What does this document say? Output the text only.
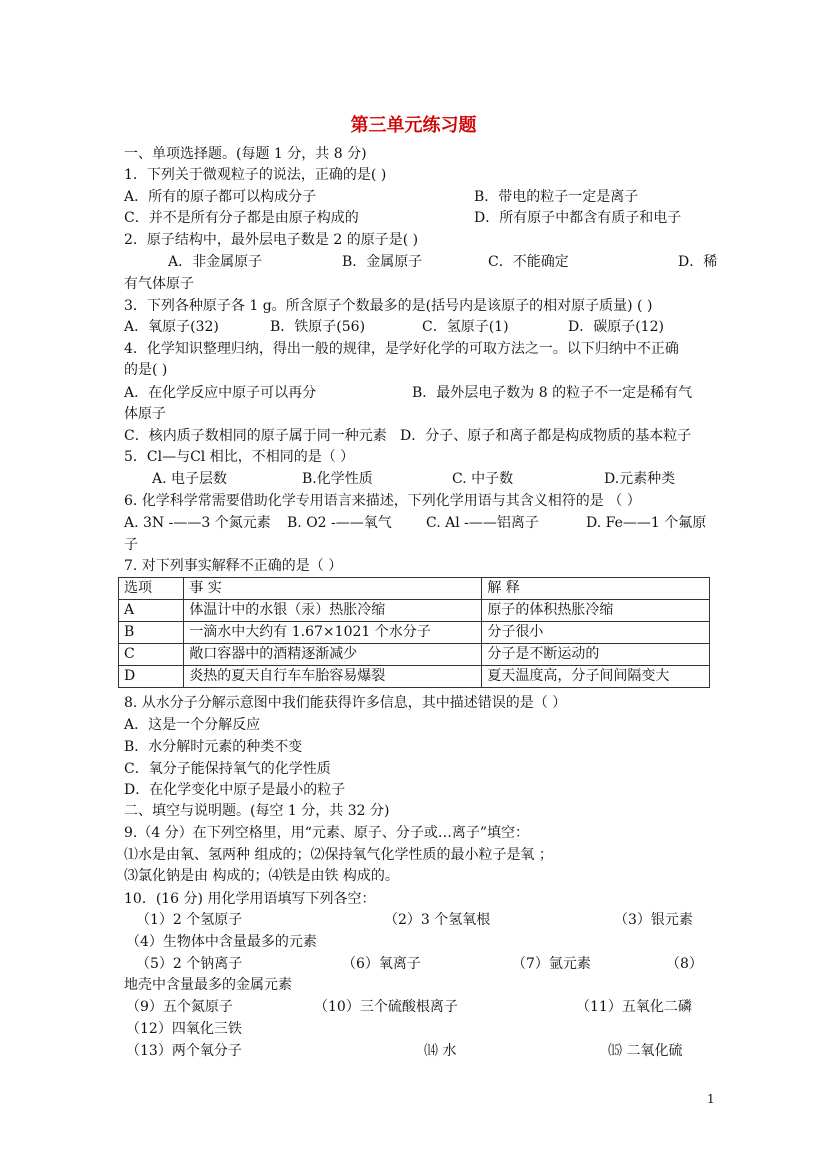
第三单元练习题
一、单项选择题。(每题 1 分，共 8 分)
1．下列关于微观粒子的说法，正确的是( )
A．所有的原子都可以构成分子	B．带电的粒子一定是离子
C．并不是所有分子都是由原子构成的	D．所有原子中都含有质子和电子
2．原子结构中，最外层电子数是 2 的原子是( )
A．非金属原子	B．金属原子	C．不能确定	D．稀
有气体原子
3．下列各种原子各 1 g。所含原子个数最多的是(括号内是该原子的相对原子质量) ( )
A．氧原子(32)	B．铁原子(56)	C．氢原子(1)	D．碳原子(12)
4．化学知识整理归纳，得出一般的规律，是学好化学的可取方法之一。以下归纳中不正确
的是( )
A．在化学反应中原子可以再分	B．最外层电子数为 8 的粒子不一定是稀有气
体原子
C．核内质子数相同的原子属于同一种元素 D．分子、原子和离子都是构成物质的基本粒子
5．Cl—与Cl 相比，不相同的是（ ）
A. 电子层数	B.化学性质	C. 中子数	D.元素种类
6. 化学科学常需要借助化学专用语言来描述，下列化学用语与其含义相符的是 （ ）
A. 3N -——3 个氮元素 B. O2 -——氧气 C. Al -——铝离子	D. Fe——1 个氟原
子
7. 对下列事实解释不正确的是（ ）
选项	事 实	解 释
A	体温计中的水银（汞）热胀冷缩	原子的体积热胀冷缩
B	一滴水中大约有 1.67×1021 个水分子	分子很小
C	敞口容器中的酒精逐渐减少	分子是不断运动的
D	炎热的夏天自行车车胎容易爆裂	夏天温度高，分子间间隔变大
8. 从水分子分解示意图中我们能获得许多信息，其中描述错误的是（ ）
A．这是一个分解反应
B．水分解时元素的种类不变
C．氧分子能保持氧气的化学性质
D．在化学变化中原子是最小的粒子
二、填空与说明题。(每空 1 分，共 32 分)
9.（4 分）在下列空格里，用“元素、原子、分子或…离子”填空：
⑴水是由氧、氢两种 组成的；⑵保持氧气化学性质的最小粒子是氧 ；
⑶氯化钠是由 构成的；⑷铁是由铁 构成的。
10．(16 分) 用化学用语填写下列各空：
（1）2 个氢原子	（2）3 个氢氧根	（3）银元素
（4）生物体中含量最多的元素
（5）2 个钠离子	（6）氧离子	（7）氩元素	（8）
地壳中含量最多的金属元素
（9）五个氮原子	（10）三个硫酸根离子	（11）五氧化二磷
（12）四氧化三铁
（13）两个氧分子	⒁ 水	⒂ 二氧化硫
1
